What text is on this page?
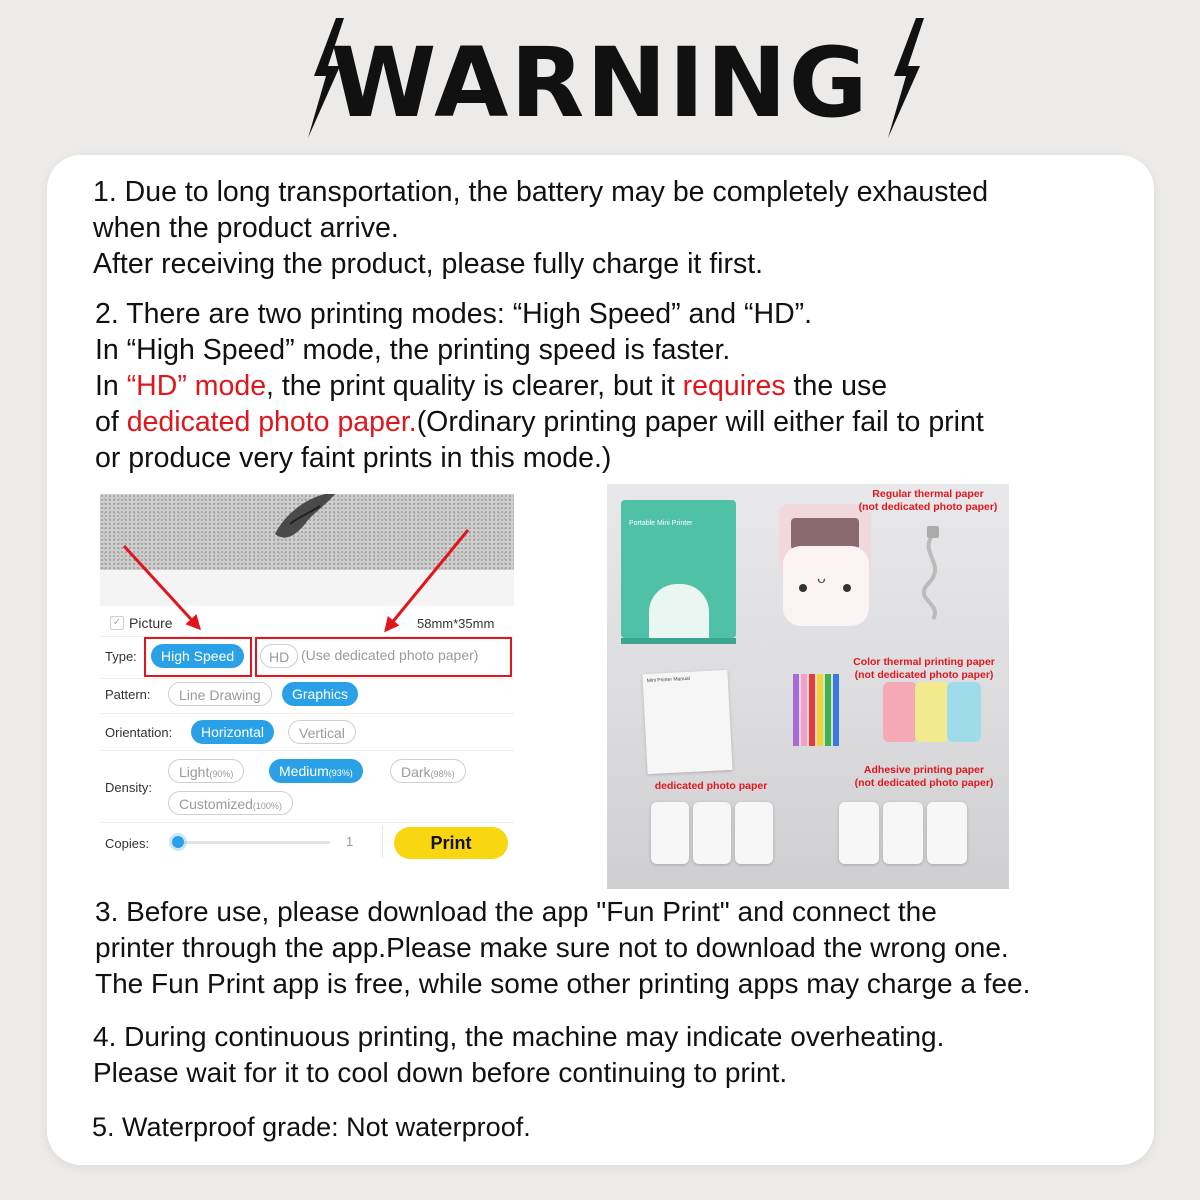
WARNING
1. Due to long transportation, the battery may be completely exhausted
when the product arrive.
After receiving the product, please fully charge it first.
2. There are two printing modes: “High Speed” and “HD”.
In “High Speed” mode, the printing speed is faster.
In “HD” mode, the print quality is clearer, but it requires the use
of dedicated photo paper.(Ordinary printing paper will either fail to print
or produce very faint prints in this mode.)
✓ Picture	58mm*35mm
Type:	High Speed	HD (Use dedicated photo paper)
Pattern:	Line Drawing	Graphics
Orientation:	Horizontal	Vertical
Density:
Light(90%)	Medium(93%)	Dark(98%)
Customized(100%)
Copies:	1	Print
Portable Mini Printer
ᴗ
Mini Printer Manual
Regular thermal paper
(not dedicated photo paper)
Color thermal printing paper
(not dedicated photo paper)
dedicated photo paper
Adhesive printing paper
(not dedicated photo paper)
3. Before use, please download the app "Fun Print" and connect the
printer through the app.Please make sure not to download the wrong one.
The Fun Print app is free, while some other printing apps may charge a fee.
4. During continuous printing, the machine may indicate overheating.
Please wait for it to cool down before continuing to print.
5. Waterproof grade: Not waterproof.
